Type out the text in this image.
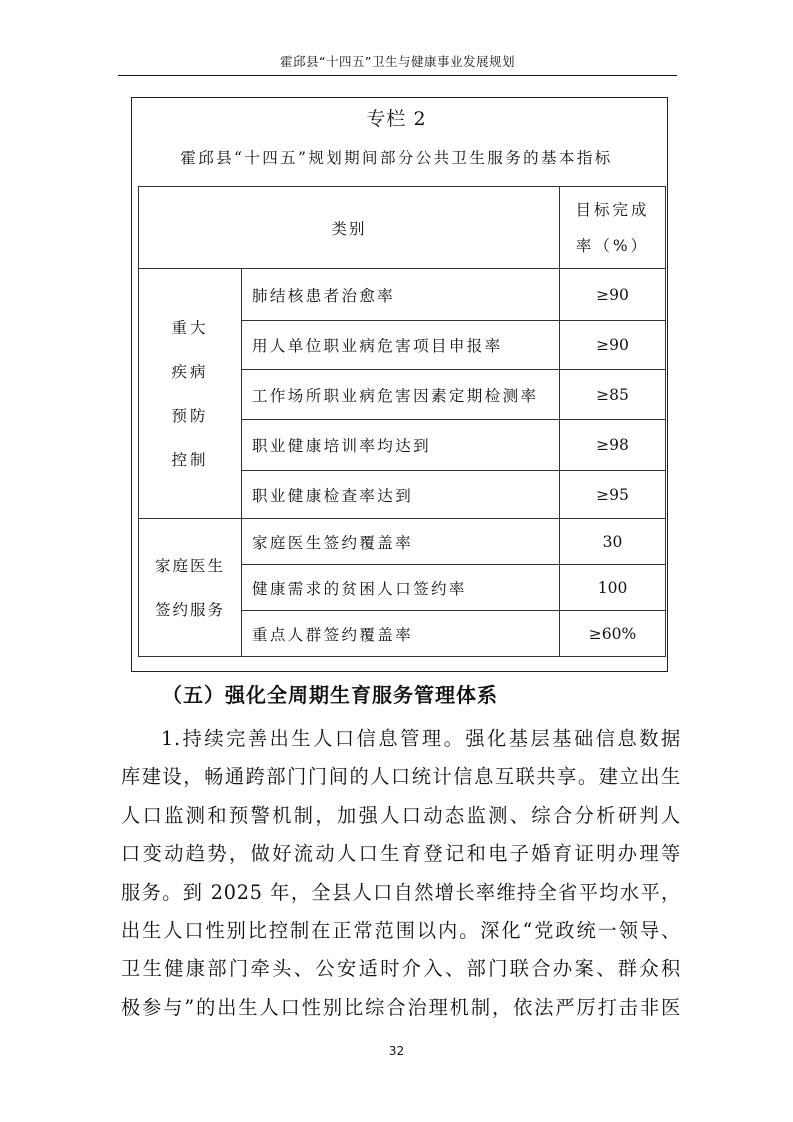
霍邱县“十四五”卫生与健康事业发展规划
专栏 2
霍邱县“十四五”规划期间部分公共卫生服务的基本指标
类别		目标完成
率（%）

重大
疾病
预防
控制	肺结核患者治愈率	≥90
	用人单位职业病危害项目申报率	≥90
	工作场所职业病危害因素定期检测率	≥85
	职业健康培训率均达到	≥98
	职业健康检查率达到	≥95

家庭医生
签约服务	家庭医生签约覆盖率	30
	健康需求的贫困人口签约率	100
	重点人群签约覆盖率	≥60%
（五）强化全周期生育服务管理体系
1.持续完善出生人口信息管理。强化基层基础信息数据
库建设，畅通跨部门门间的人口统计信息互联共享。建立出生
人口监测和预警机制，加强人口动态监测、综合分析研判人
口变动趋势，做好流动人口生育登记和电子婚育证明办理等
服务。到 2025 年，全县人口自然增长率维持全省平均水平，
出生人口性别比控制在正常范围以内。深化“党政统一领导、
卫生健康部门牵头、公安适时介入、部门联合办案、群众积
极参与”的出生人口性别比综合治理机制，依法严厉打击非医
32
